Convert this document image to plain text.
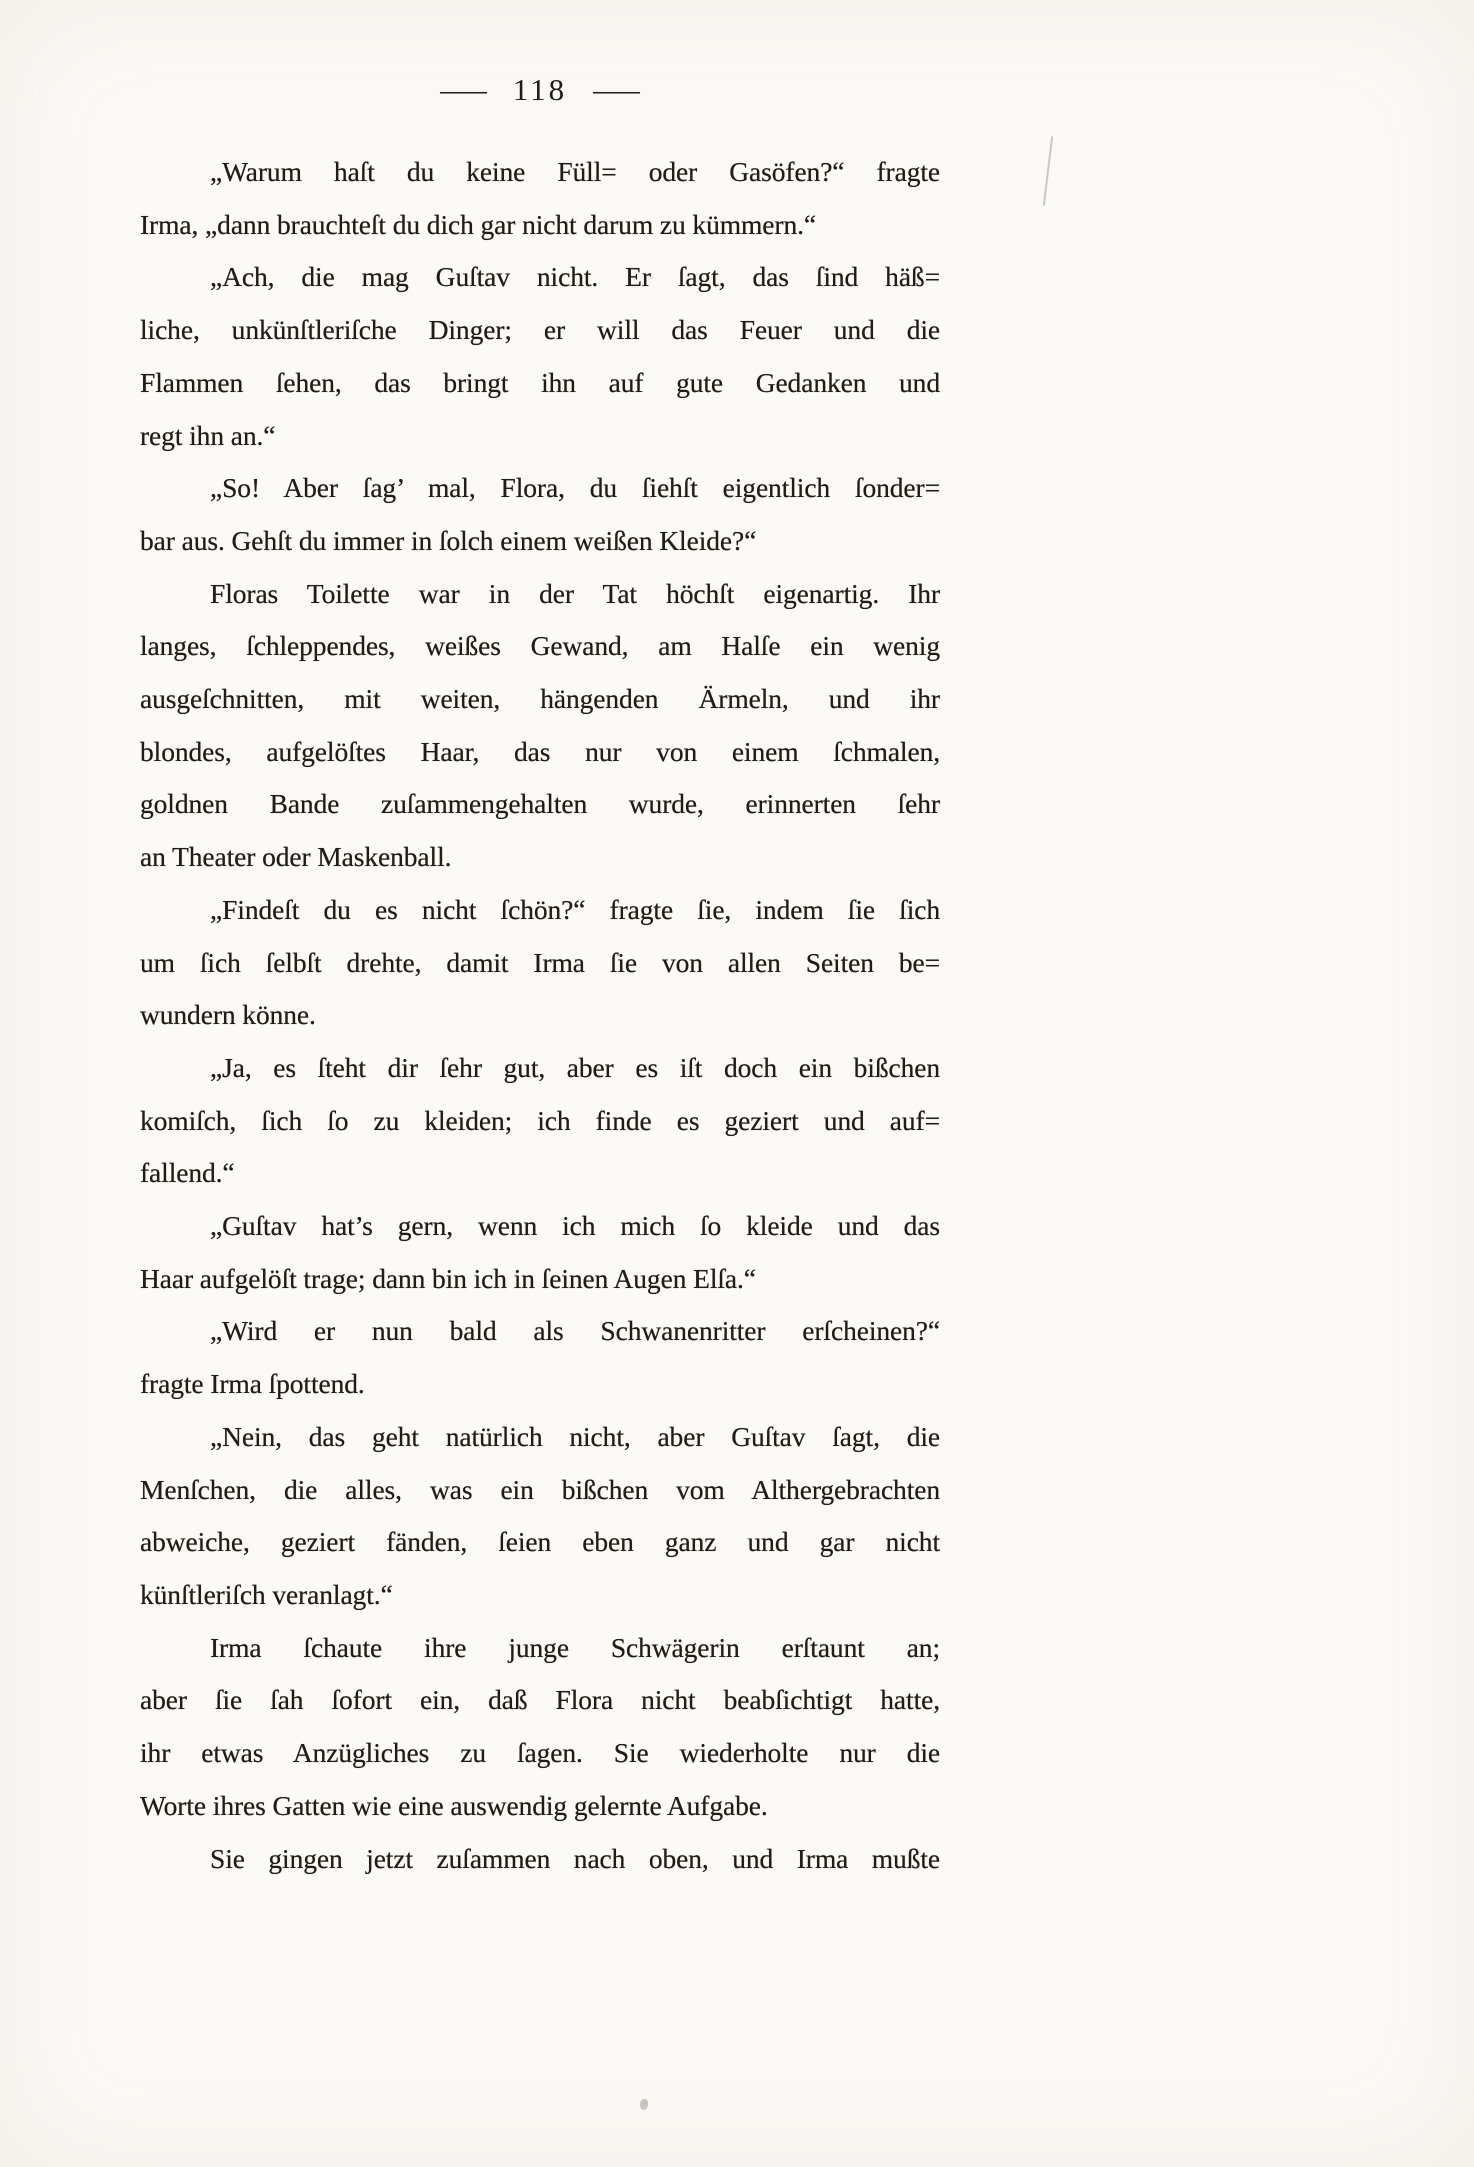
— 118 —
„Warum haſt du keine Füll= oder Gasöfen?“ fragte
Irma, „dann brauchteſt du dich gar nicht darum zu kümmern.“
„Ach, die mag Guſtav nicht. Er ſagt, das ſind häß=
liche, unkünſtleriſche Dinger; er will das Feuer und die
Flammen ſehen, das bringt ihn auf gute Gedanken und
regt ihn an.“
„So! Aber ſag’ mal, Flora, du ſiehſt eigentlich ſonder=
bar aus. Gehſt du immer in ſolch einem weißen Kleide?“
Floras Toilette war in der Tat höchſt eigenartig. Ihr
langes, ſchleppendes, weißes Gewand, am Halſe ein wenig
ausgeſchnitten, mit weiten, hängenden Ärmeln, und ihr
blondes, aufgelöſtes Haar, das nur von einem ſchmalen,
goldnen Bande zuſammengehalten wurde, erinnerten ſehr
an Theater oder Maskenball.
„Findeſt du es nicht ſchön?“ fragte ſie, indem ſie ſich
um ſich ſelbſt drehte, damit Irma ſie von allen Seiten be=
wundern könne.
„Ja, es ſteht dir ſehr gut, aber es iſt doch ein bißchen
komiſch, ſich ſo zu kleiden; ich finde es geziert und auf=
fallend.“
„Guſtav hat’s gern, wenn ich mich ſo kleide und das
Haar aufgelöſt trage; dann bin ich in ſeinen Augen Elſa.“
„Wird er nun bald als Schwanenritter erſcheinen?“
fragte Irma ſpottend.
„Nein, das geht natürlich nicht, aber Guſtav ſagt, die
Menſchen, die alles, was ein bißchen vom Althergebrachten
abweiche, geziert fänden, ſeien eben ganz und gar nicht
künſtleriſch veranlagt.“
Irma ſchaute ihre junge Schwägerin erſtaunt an;
aber ſie ſah ſofort ein, daß Flora nicht beabſichtigt hatte,
ihr etwas Anzügliches zu ſagen. Sie wiederholte nur die
Worte ihres Gatten wie eine auswendig gelernte Aufgabe.
Sie gingen jetzt zuſammen nach oben, und Irma mußte
